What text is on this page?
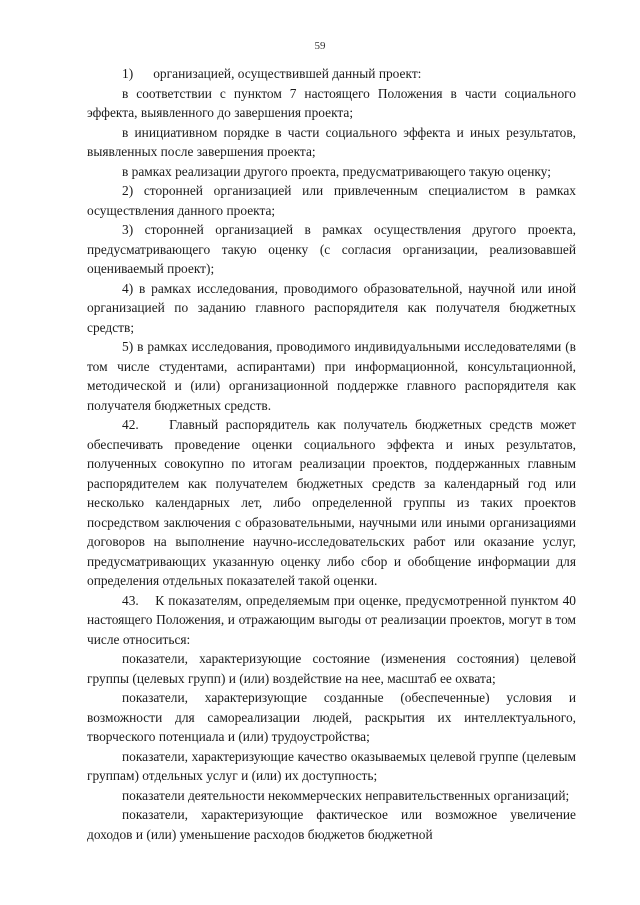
59

1)      организацией, осуществившей данный проект:

в соответствии с пунктом 7 настоящего Положения в части социального эффекта, выявленного до завершения проекта;

в инициативном порядке в части социального эффекта и иных результатов, выявленных после завершения проекта;

в рамках реализации другого проекта, предусматривающего такую оценку;

2) сторонней организацией или привлеченным специалистом в рамках осуществления данного проекта;

3) сторонней организацией в рамках осуществления другого проекта, предусматривающего такую оценку (с согласия организации, реализовавшей оцениваемый проект);

4) в рамках исследования, проводимого образовательной, научной или иной организацией по заданию главного распорядителя как получателя бюджетных средств;

5) в рамках исследования, проводимого индивидуальными исследователями (в том числе студентами, аспирантами) при информационной, консультационной, методической и (или) организационной поддержке главного распорядителя как получателя бюджетных средств.

42.    Главный распорядитель как получатель бюджетных средств может обеспечивать проведение оценки социального эффекта и иных результатов, полученных совокупно по итогам реализации проектов, поддержанных главным распорядителем как получателем бюджетных средств за календарный год или несколько календарных лет, либо определенной группы из таких проектов посредством заключения с образовательными, научными или иными организациями договоров на выполнение научно-исследовательских работ или оказание услуг, предусматривающих указанную оценку либо сбор и обобщение информации для определения отдельных показателей такой оценки.

43.    К показателям, определяемым при оценке, предусмотренной пунктом 40 настоящего Положения, и отражающим выгоды от реализации проектов, могут в том числе относиться:

показатели, характеризующие состояние (изменения состояния) целевой группы (целевых групп) и (или) воздействие на нее, масштаб ее охвата;

показатели, характеризующие созданные (обеспеченные) условия и возможности для самореализации людей, раскрытия их интеллектуального, творческого потенциала и (или) трудоустройства;

показатели, характеризующие качество оказываемых целевой группе (целевым группам) отдельных услуг и (или) их доступность;

показатели деятельности некоммерческих неправительственных организаций;

показатели, характеризующие фактическое или возможное увеличение доходов и (или) уменьшение расходов бюджетов бюджетной
